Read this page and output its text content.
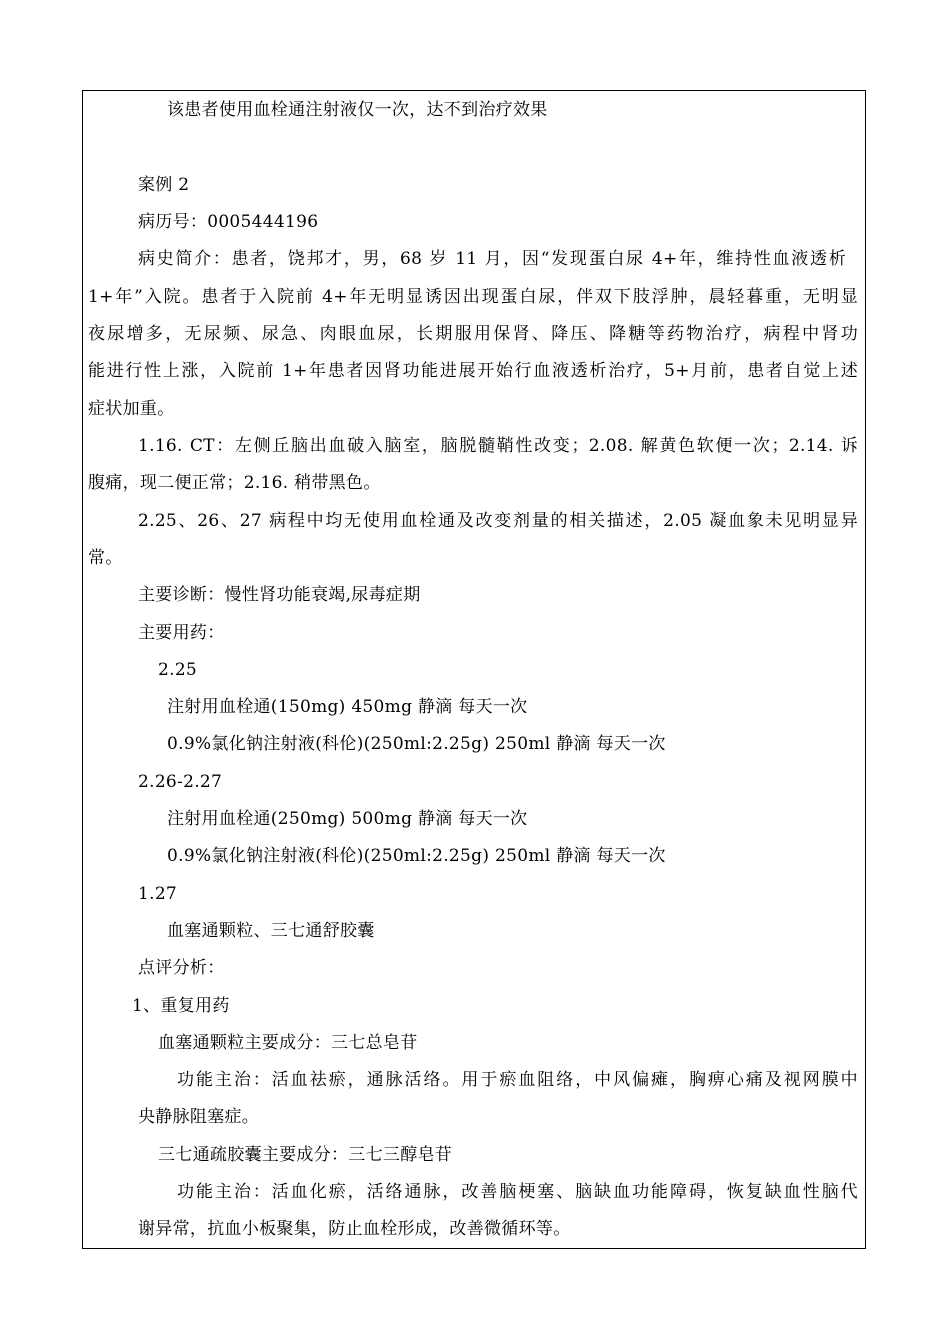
该患者使用血栓通注射液仅一次，达不到治疗效果
案例 2
病历号：0005444196
病史简介：患者，饶邦才，男，68 岁 11 月，因“发现蛋白尿 4+年，维持性血液透析
1+年”入院。患者于入院前 4+年无明显诱因出现蛋白尿，伴双下肢浮肿，晨轻暮重，无明显
夜尿增多，无尿频、尿急、肉眼血尿，长期服用保肾、降压、降糖等药物治疗，病程中肾功
能进行性上涨，入院前 1+年患者因肾功能进展开始行血液透析治疗，5+月前，患者自觉上述
症状加重。
1.16. CT：左侧丘脑出血破入脑室，脑脱髓鞘性改变；2.08. 解黄色软便一次；2.14. 诉
腹痛，现二便正常；2.16. 稍带黑色。
2.25、26、27 病程中均无使用血栓通及改变剂量的相关描述，2.05 凝血象未见明显异
常。
主要诊断：慢性肾功能衰竭,尿毒症期
主要用药：
2.25
注射用血栓通(150mg) 450mg 静滴 每天一次
0.9%氯化钠注射液(科伦)(250ml:2.25g) 250ml 静滴 每天一次
2.26-2.27
注射用血栓通(250mg) 500mg 静滴 每天一次
0.9%氯化钠注射液(科伦)(250ml:2.25g) 250ml 静滴 每天一次
1.27
血塞通颗粒、三七通舒胶囊
点评分析：
1、重复用药
血塞通颗粒主要成分：三七总皂苷
功能主治：活血祛瘀，通脉活络。用于瘀血阻络，中风偏瘫，胸痹心痛及视网膜中
央静脉阻塞症。
三七通疏胶囊主要成分：三七三醇皂苷
功能主治：活血化瘀，活络通脉，改善脑梗塞、脑缺血功能障碍，恢复缺血性脑代
谢异常，抗血小板聚集，防止血栓形成，改善微循环等。
